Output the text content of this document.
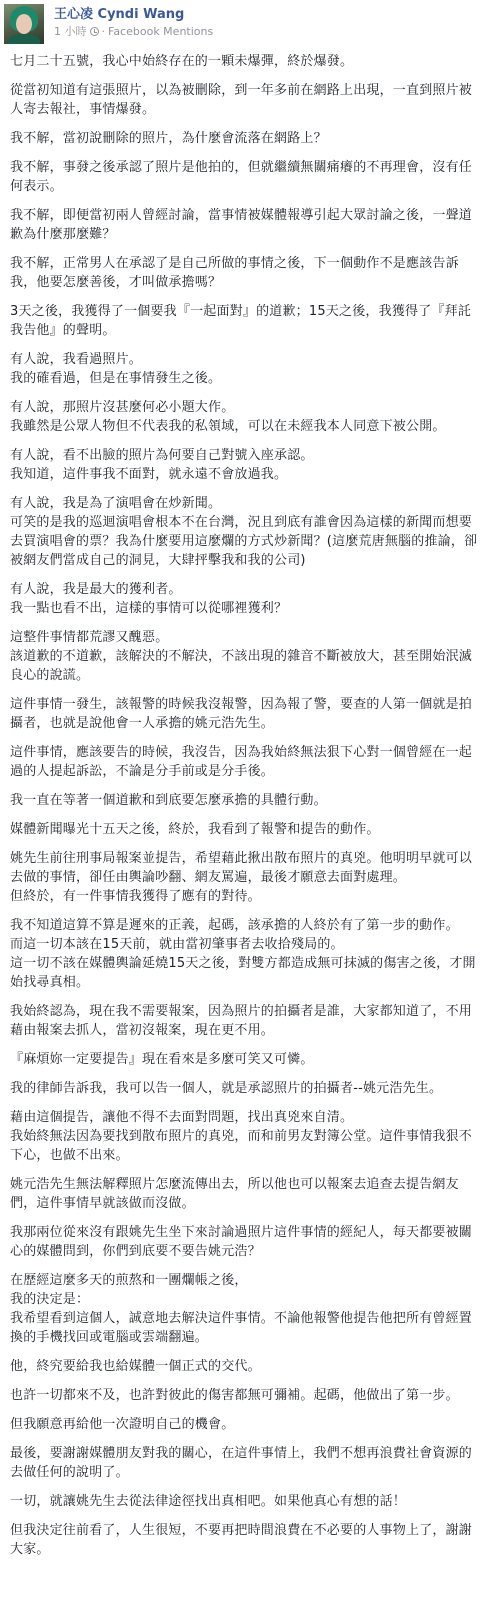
王心凌 Cyndi Wang
1 小時 · Facebook Mentions

七月二十五號，我心中始終存在的一顆未爆彈，終於爆發。

從當初知道有這張照片，以為被刪除，到一年多前在網路上出現，一直到照片被人寄去報社，事情爆發。

我不解，當初說刪除的照片，為什麼會流落在網路上？

我不解，事發之後承認了照片是他拍的，但就繼續無關痛癢的不再理會，沒有任何表示。

我不解，即便當初兩人曾經討論，當事情被媒體報導引起大眾討論之後，一聲道歉為什麼那麼難？

我不解，正常男人在承認了是自己所做的事情之後，下一個動作不是應該告訴我，他要怎麼善後，才叫做承擔嗎？

3天之後，我獲得了一個要我『一起面對』的道歉；15天之後，我獲得了『拜託我告他』的聲明。

有人說，我看過照片。

我的確看過，但是在事情發生之後。

有人說，那照片沒甚麼何必小題大作。

我雖然是公眾人物但不代表我的私領域，可以在未經我本人同意下被公開。

有人說，看不出臉的照片為何要自己對號入座承認。

我知道，這件事我不面對，就永遠不會放過我。

有人說，我是為了演唱會在炒新聞。

可笑的是我的巡迴演唱會根本不在台灣，況且到底有誰會因為這樣的新聞而想要去買演唱會的票？我為什麼要用這麼爛的方式炒新聞？(這麼荒唐無腦的推論，卻被網友們當成自己的洞見，大肆抨擊我和我的公司)

有人說，我是最大的獲利者。

我一點也看不出，這樣的事情可以從哪裡獲利？

這整件事情都荒謬又醜惡。

該道歉的不道歉，該解決的不解決，不該出現的雜音不斷被放大，甚至開始泯滅良心的說謊。

這件事情一發生，該報警的時候我沒報警，因為報了警，要查的人第一個就是拍攝者，也就是說他會一人承擔的姚元浩先生。

這件事情，應該要告的時候，我沒告，因為我始終無法狠下心對一個曾經在一起過的人提起訴訟，不論是分手前或是分手後。

我一直在等著一個道歉和到底要怎麼承擔的具體行動。

媒體新聞曝光十五天之後，終於，我看到了報警和提告的動作。

姚先生前往刑事局報案並提告，希望藉此揪出散布照片的真兇。他明明早就可以去做的事情，卻任由輿論吵翻、網友罵遍，最後才願意去面對處理。

但終於，有一件事情我獲得了應有的對待。

我不知道這算不算是遲來的正義，起碼，該承擔的人終於有了第一步的動作。

而這一切本該在15天前，就由當初肇事者去收拾殘局的。

這一切不該在媒體輿論延燒15天之後，對雙方都造成無可抹滅的傷害之後，才開始找尋真相。

我始終認為，現在我不需要報案，因為照片的拍攝者是誰，大家都知道了，不用藉由報案去抓人，當初沒報案，現在更不用。

『麻煩妳一定要提告』現在看來是多麼可笑又可憐。

我的律師告訴我，我可以告一個人，就是承認照片的拍攝者--姚元浩先生。

藉由這個提告，讓他不得不去面對問題，找出真兇來自清。

我始終無法因為要找到散布照片的真兇，而和前男友對簿公堂。這件事情我狠不下心，也做不出來。

姚元浩先生無法解釋照片怎麼流傳出去，所以他也可以報案去追查去提告網友們，這件事情早就該做而沒做。

我那兩位從來沒有跟姚先生坐下來討論過照片這件事情的經紀人，每天都要被關心的媒體問到，你們到底要不要告姚元浩？

在歷經這麼多天的煎熬和一團爛帳之後，

我的決定是：

我希望看到這個人，誠意地去解決這件事情。不論他報警他提告他把所有曾經置換的手機找回或電腦或雲端翻遍。

他，終究要給我也給媒體一個正式的交代。

也許一切都來不及，也許對彼此的傷害都無可彌補。起碼，他做出了第一步。

但我願意再給他一次證明自己的機會。

最後，要謝謝媒體朋友對我的關心，在這件事情上，我們不想再浪費社會資源的去做任何的說明了。

一切，就讓姚先生去從法律途徑找出真相吧。如果他真心有想的話！

但我決定往前看了，人生很短，不要再把時間浪費在不必要的人事物上了，謝謝大家。
